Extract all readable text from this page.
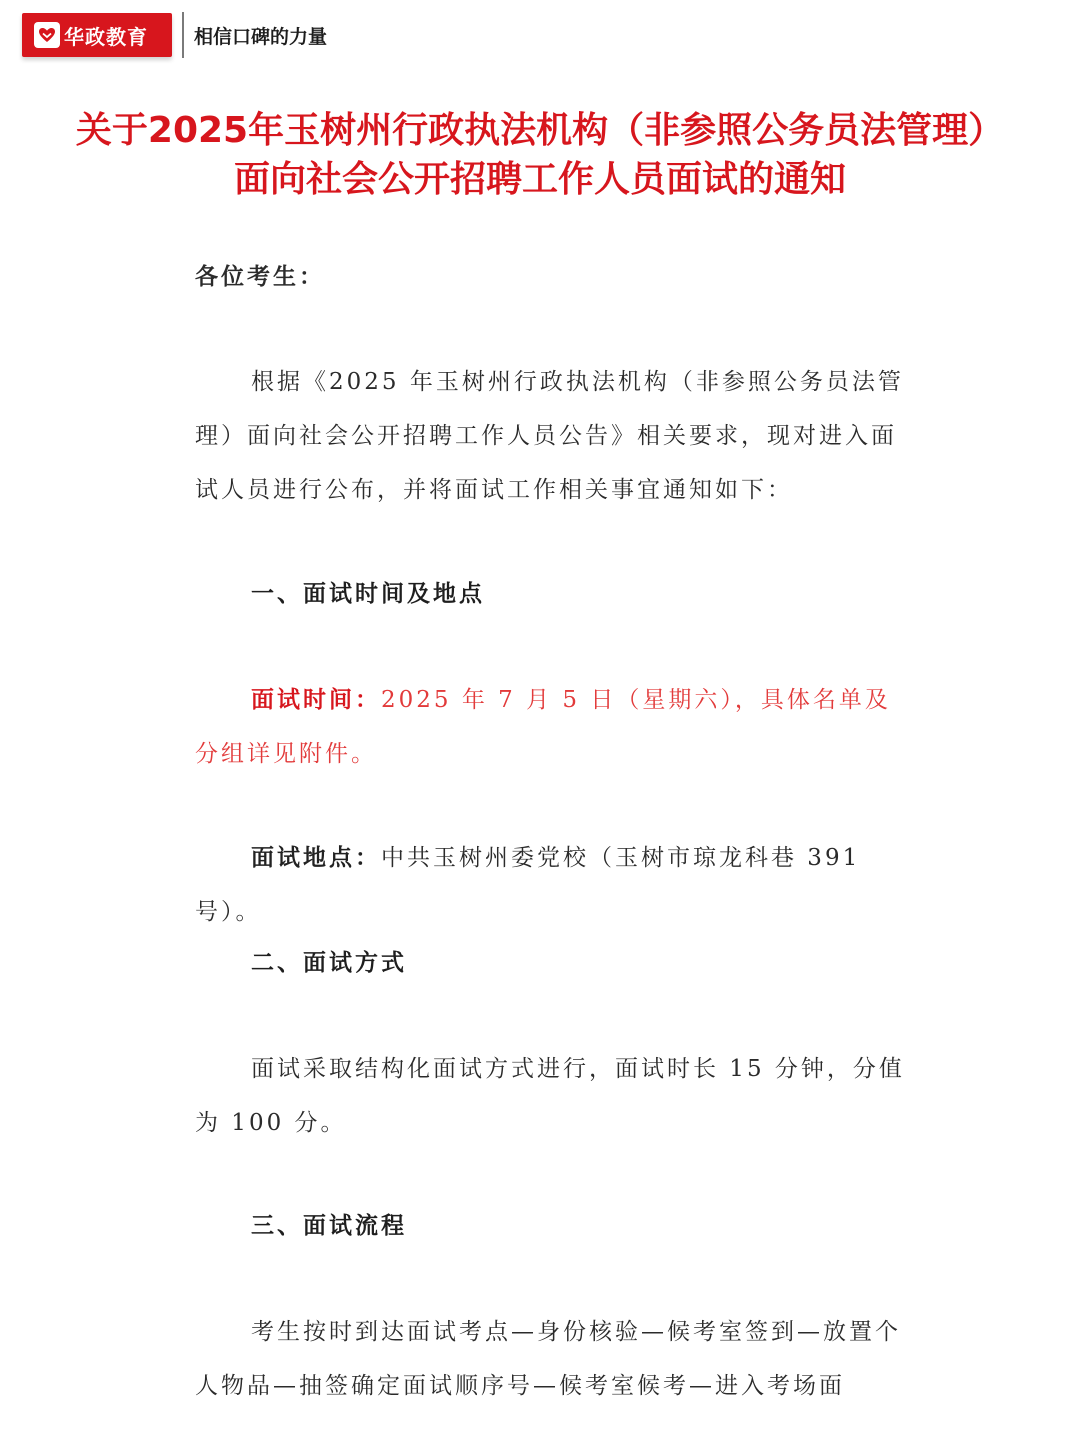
华政教育 相信口碑的力量
关于2025年玉树州行政执法机构（非参照公务员法管理）
面向社会公开招聘工作人员面试的通知
各位考生：
根据《2025 年玉树州行政执法机构（非参照公务员法管理）面向社会公开招聘工作人员公告》相关要求，现对进入面试人员进行公布，并将面试工作相关事宜通知如下：
一、面试时间及地点
面试时间：2025 年 7 月 5 日（星期六），具体名单及分组详见附件。
面试地点：中共玉树州委党校（玉树市琼龙科巷 391 号）。
二、面试方式
面试采取结构化面试方式进行，面试时长 15 分钟，分值为 100 分。
三、面试流程
考生按时到达面试考点—身份核验—候考室签到—放置个人物品—抽签确定面试顺序号—候考室候考—进入考场面
